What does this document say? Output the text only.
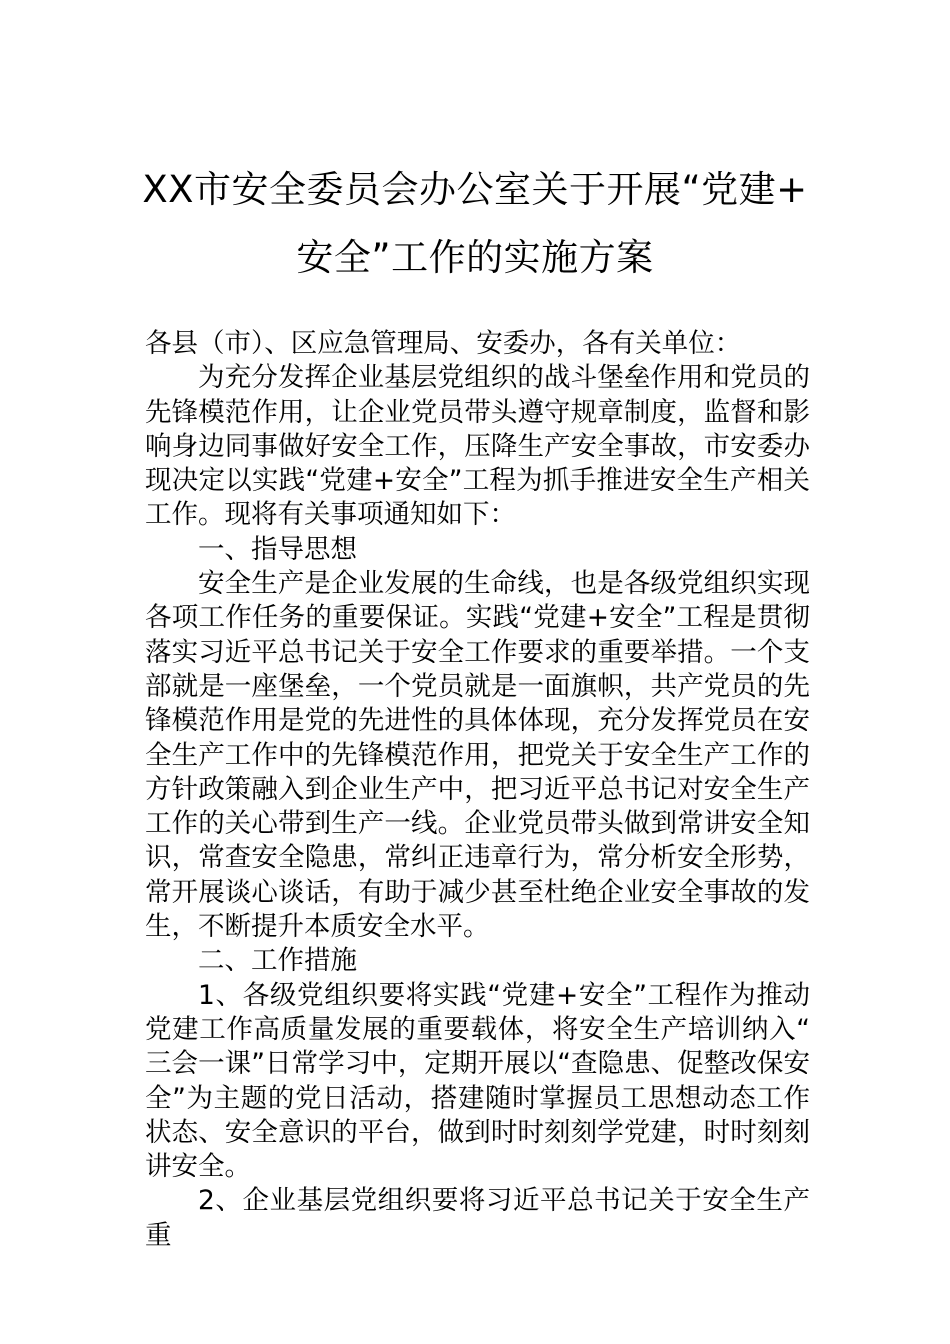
XX市安全委员会办公室关于开展“党建+
安全”工作的实施方案

各县（市）、区应急管理局、安委办，各有关单位：

为充分发挥企业基层党组织的战斗堡垒作用和党员的先锋模范作用，让企业党员带头遵守规章制度，监督和影响身边同事做好安全工作，压降生产安全事故，市安委办现决定以实践“党建+安全”工程为抓手推进安全生产相关工作。现将有关事项通知如下：

一、指导思想

安全生产是企业发展的生命线，也是各级党组织实现各项工作任务的重要保证。实践“党建+安全”工程是贯彻落实习近平总书记关于安全工作要求的重要举措。一个支部就是一座堡垒，一个党员就是一面旗帜，共产党员的先锋模范作用是党的先进性的具体体现，充分发挥党员在安全生产工作中的先锋模范作用，把党关于安全生产工作的方针政策融入到企业生产中，把习近平总书记对安全生产工作的关心带到生产一线。企业党员带头做到常讲安全知识，常查安全隐患，常纠正违章行为，常分析安全形势，常开展谈心谈话，有助于减少甚至杜绝企业安全事故的发生，不断提升本质安全水平。

二、工作措施

1、各级党组织要将实践“党建+安全”工程作为推动党建工作高质量发展的重要载体，将安全生产培训纳入“三会一课”日常学习中，定期开展以“查隐患、促整改保安全”为主题的党日活动，搭建随时掌握员工思想动态工作状态、安全意识的平台，做到时时刻刻学党建，时时刻刻讲安全。

2、企业基层党组织要将习近平总书记关于安全生产重
